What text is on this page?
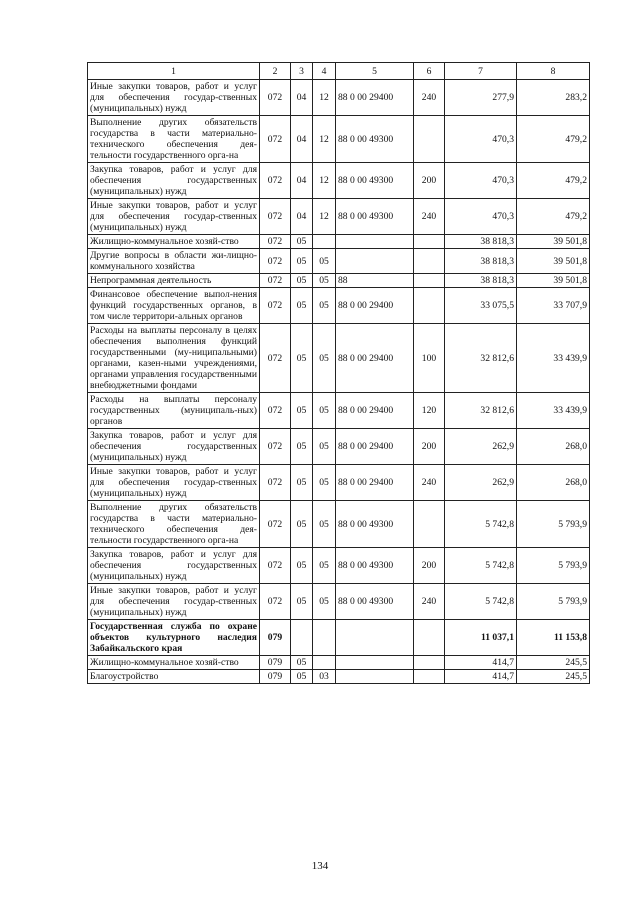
1	2	3	4	5	6	7	8
Иные закупки товаров, работ и услуг для обеспечения государ-ственных (муниципальных) нужд	072	04	12	88 0 00 29400	240	277,9	283,2
Выполнение других обязательств государства в части материально-технического обеспечения дея-тельности государственного орга-на	072	04	12	88 0 00 49300		470,3	479,2
Закупка товаров, работ и услуг для обеспечения государственных (муниципальных) нужд	072	04	12	88 0 00 49300	200	470,3	479,2
Иные закупки товаров, работ и услуг для обеспечения государ-ственных (муниципальных) нужд	072	04	12	88 0 00 49300	240	470,3	479,2
Жилищно-коммунальное хозяй-ство	072	05				38 818,3	39 501,8
Другие вопросы в области жи-лищно-коммунального хозяйства	072	05	05			38 818,3	39 501,8
Непрограммная деятельность	072	05	05	88		38 818,3	39 501,8
Финансовое обеспечение выпол-нения функций государственных органов, в том числе территори-альных органов	072	05	05	88 0 00 29400		33 075,5	33 707,9
Расходы на выплаты персоналу в целях обеспечения выполнения функций государственными (му-ниципальными) органами, казен-ными учреждениями, органами управления государственными внебюджетными фондами	072	05	05	88 0 00 29400	100	32 812,6	33 439,9
Расходы на выплаты персоналу государственных (муниципаль-ных) органов	072	05	05	88 0 00 29400	120	32 812,6	33 439,9
Закупка товаров, работ и услуг для обеспечения государственных (муниципальных) нужд	072	05	05	88 0 00 29400	200	262,9	268,0
Иные закупки товаров, работ и услуг для обеспечения государ-ственных (муниципальных) нужд	072	05	05	88 0 00 29400	240	262,9	268,0
Выполнение других обязательств государства в части материально-технического обеспечения дея-тельности государственного орга-на	072	05	05	88 0 00 49300		5 742,8	5 793,9
Закупка товаров, работ и услуг для обеспечения государственных (муниципальных) нужд	072	05	05	88 0 00 49300	200	5 742,8	5 793,9
Иные закупки товаров, работ и услуг для обеспечения государ-ственных (муниципальных) нужд	072	05	05	88 0 00 49300	240	5 742,8	5 793,9
Государственная служба по охране объектов культурного наследия Забайкальского края	079					11 037,1	11 153,8
Жилищно-коммунальное хозяй-ство	079	05				414,7	245,5
Благоустройство	079	05	03			414,7	245,5
134
